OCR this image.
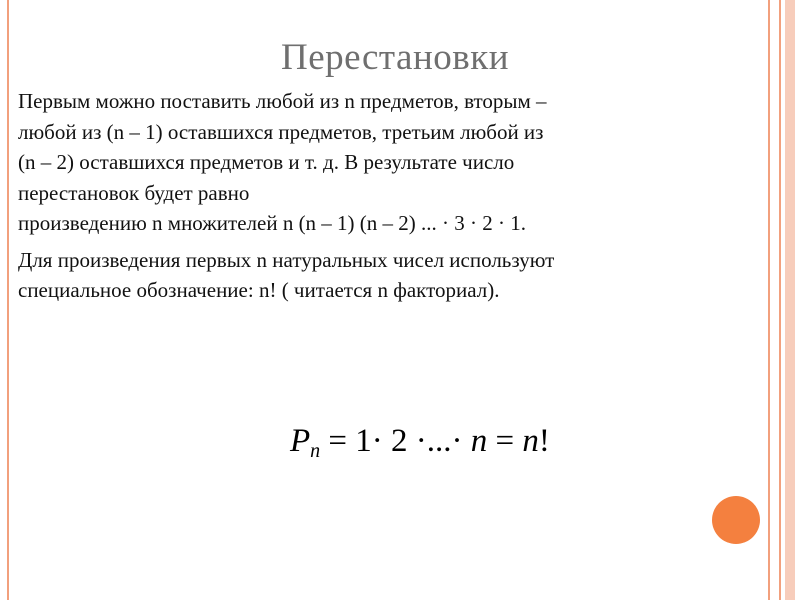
Перестановки

Первым можно поставить любой из n предметов, вторым –
любой из (n – 1) оставшихся предметов, третьим любой из
(n – 2) оставшихся предметов и т. д. В результате число
перестановок будет равно
произведению n множителей n (n – 1) (n – 2) ... · 3 · 2 · 1.

Для произведения первых n натуральных чисел используют
специальное обозначение: n! ( читается n факториал).

$P_n = 1\cdot 2$ ·...· n = n!
